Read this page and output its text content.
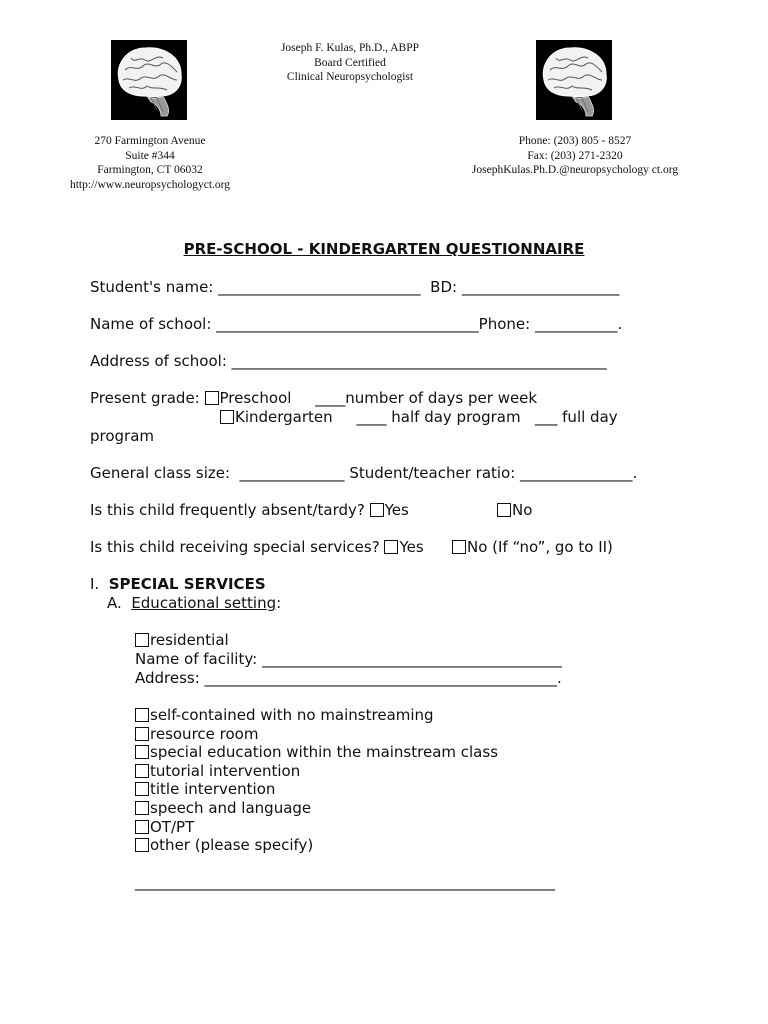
Joseph F. Kulas, Ph.D., ABPP
Board Certified
Clinical Neuropsychologist
270 Farmington Avenue
Suite #344
Farmington, CT 06032
http://www.neuropsychologyct.org
Phone: (203) 805 - 8527
Fax: (203) 271-2320
JosephKulas.Ph.D.@neuropsychology ct.org
PRE-SCHOOL - KINDERGARTEN QUESTIONNAIRE
Student's name: ___________________________  BD: _____________________
Name of school: ___________________________________Phone: ___________.
Address of school: __________________________________________________
Present grade: Preschool     ____number of days per week
Kindergarten     ____ half day program   ___ full day
program
General class size:  ______________ Student/teacher ratio: _______________.
Is this child frequently absent/tardy? Yes	No
Is this child receiving special services? Yes	No (If “no”, go to II)
I. SPECIAL SERVICES
A. Educational setting:
residential
Name of facility: ________________________________________
Address: _______________________________________________.
self-contained with no mainstreaming
resource room
special education within the mainstream class
tutorial intervention
title intervention
speech and language
OT/PT
other (please specify)
________________________________________________________
